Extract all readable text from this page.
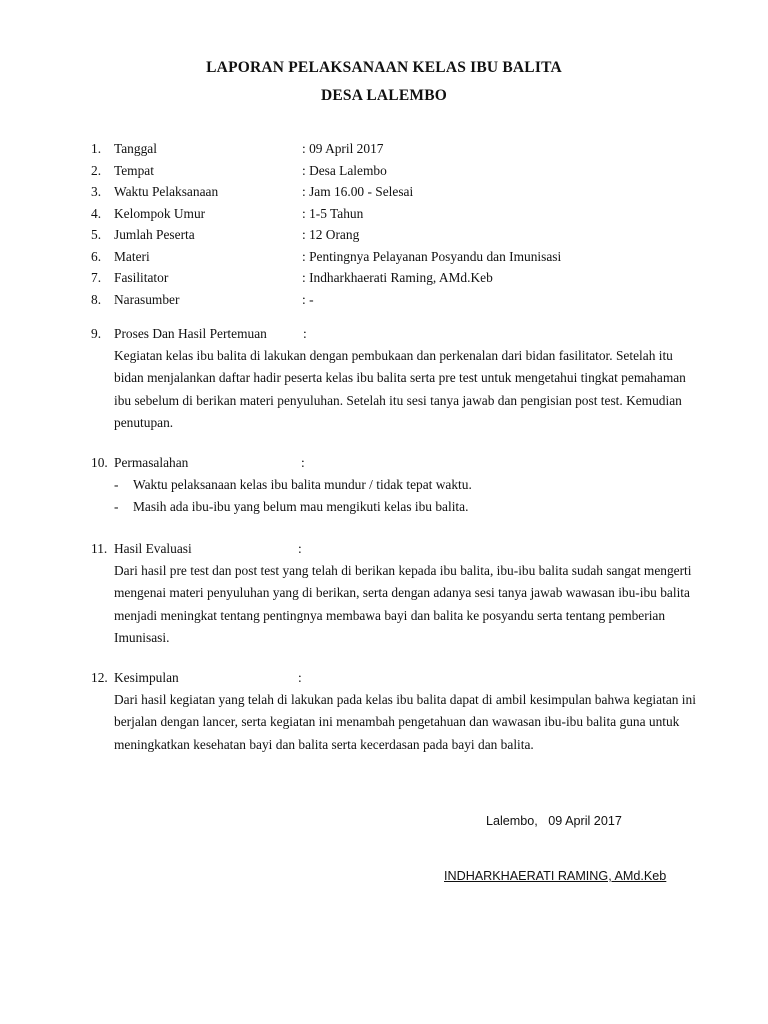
LAPORAN PELAKSANAAN KELAS IBU BALITA
DESA LALEMBO
1. Tanggal	: 09 April 2017
2. Tempat	: Desa Lalembo
3. Waktu Pelaksanaan	: Jam 16.00 - Selesai
4. Kelompok Umur	: 1-5 Tahun
5. Jumlah Peserta	: 12 Orang
6. Materi	: Pentingnya Pelayanan Posyandu dan Imunisasi
7. Fasilitator	: Indharkhaerati Raming, AMd.Keb
8. Narasumber	: -
9. Proses Dan Hasil Pertemuan	:

Kegiatan kelas ibu balita di lakukan dengan pembukaan dan perkenalan dari bidan fasilitator. Setelah itu bidan menjalankan daftar hadir peserta kelas ibu balita serta pre test untuk mengetahui tingkat pemahaman ibu sebelum di berikan materi penyuluhan. Setelah itu sesi tanya jawab dan pengisian post test. Kemudian penutupan.

10. Permasalahan	:
- Waktu pelaksanaan kelas ibu balita mundur / tidak tepat waktu.
- Masih ada ibu-ibu yang belum mau mengikuti kelas ibu balita.
11. Hasil Evaluasi	:

Dari hasil pre test dan post test yang telah di berikan kepada ibu balita, ibu-ibu balita sudah sangat mengerti mengenai materi penyuluhan yang di berikan, serta dengan adanya sesi tanya jawab wawasan ibu-ibu balita menjadi meningkat tentang pentingnya membawa bayi dan balita ke posyandu serta tentang pemberian Imunisasi.

12. Kesimpulan	:

Dari hasil kegiatan yang telah di lakukan pada kelas ibu balita dapat di ambil kesimpulan bahwa kegiatan ini berjalan dengan lancer, serta kegiatan ini menambah pengetahuan dan wawasan ibu-ibu balita guna untuk meningkatkan kesehatan bayi dan balita serta kecerdasan pada bayi dan balita.

Lalembo,   09 April 2017
INDHARKHAERATI RAMING, AMd.Keb
